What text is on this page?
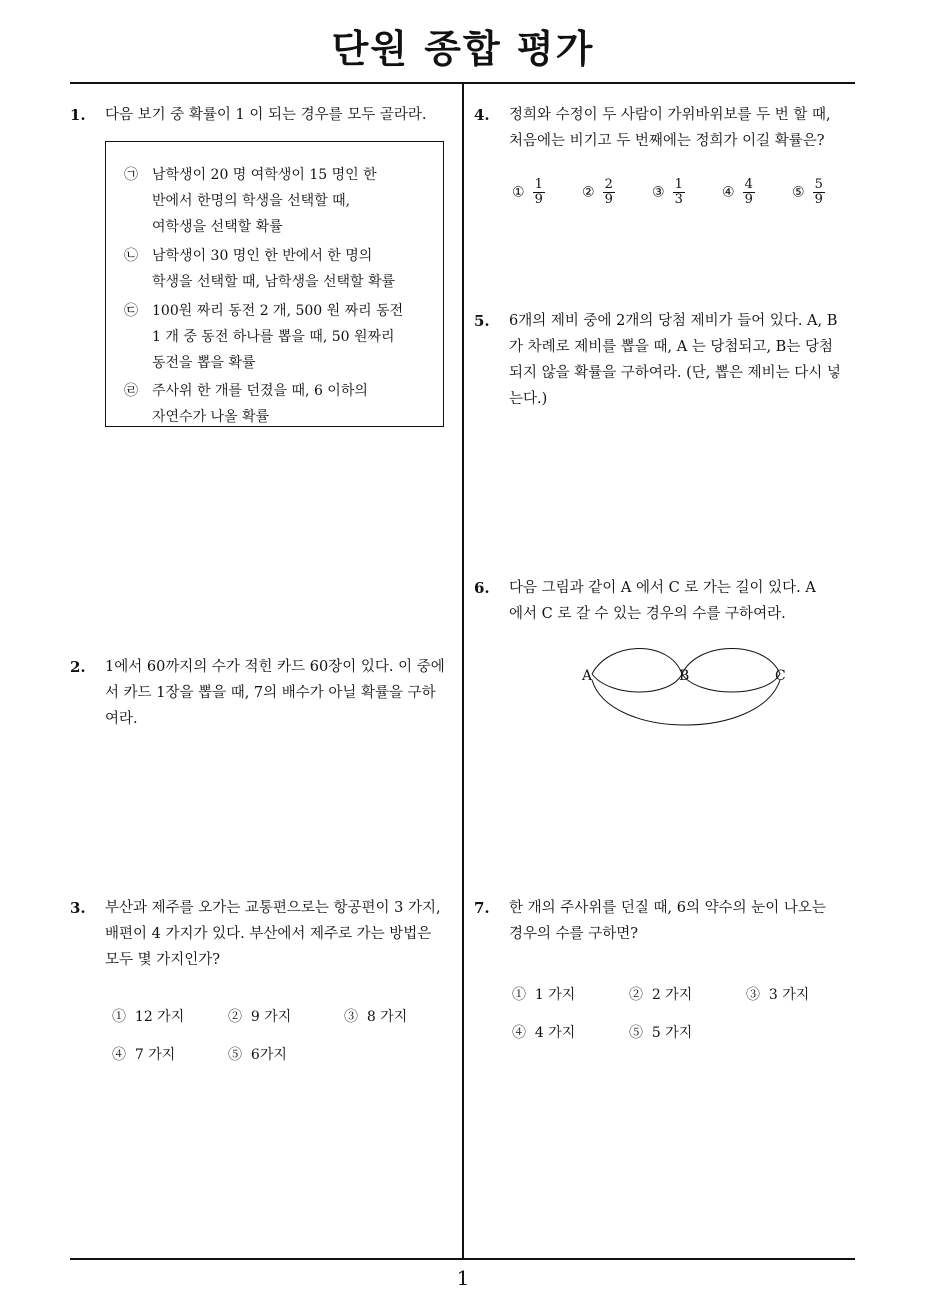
단원 종합 평가
1. 다음 보기 중 확률이 1 이 되는 경우를 모두 골라라.
㉠ 남학생이 20 명 여학생이 15 명인 한
반에서 한명의 학생을 선택할 때,
여학생을 선택할 확률
㉡ 남학생이 30 명인 한 반에서 한 명의
학생을 선택할 때, 남학생을 선택할 확률
㉢ 100원 짜리 동전 2 개, 500 원 짜리 동전
1 개 중 동전 하나를 뽑을 때, 50 원짜리
동전을 뽑을 확률
㉣ 주사위 한 개를 던졌을 때, 6 이하의
자연수가 나올 확률
2. 1에서 60까지의 수가 적힌 카드 60장이 있다. 이 중에
서 카드 1장을 뽑을 때, 7의 배수가 아닐 확률을 구하
여라.
3. 부산과 제주를 오가는 교통편으로는 항공편이 3 가지,
배편이 4 가지가 있다. 부산에서 제주로 가는 방법은
모두 몇 가지인가?
① 12 가지	② 9 가지	③ 8 가지
④ 7 가지	⑤ 6가지
4. 정희와 수정이 두 사람이 가위바위보를 두 번 할 때,
처음에는 비기고 두 번째에는 정희가 이길 확률은?
① $\frac{1}{9}$	② $\frac{2}{9}$	③ $\frac{1}{3}$	④ $\frac{4}{9}$	⑤ $\frac{5}{9}$
5. 6개의 제비 중에 2개의 당첨 제비가 들어 있다. A, B
가 차례로 제비를 뽑을 때, A 는 당첨되고, B는 당첨
되지 않을 확률을 구하여라. (단, 뽑은 제비는 다시 넣
는다.)
6. 다음 그림과 같이 A 에서 C 로 가는 길이 있다. A
에서 C 로 갈 수 있는 경우의 수를 구하여라.
A	B	C
7. 한 개의 주사위를 던질 때, 6의 약수의 눈이 나오는
경우의 수를 구하면?
① 1 가지	② 2 가지	③ 3 가지
④ 4 가지	⑤ 5 가지
1
